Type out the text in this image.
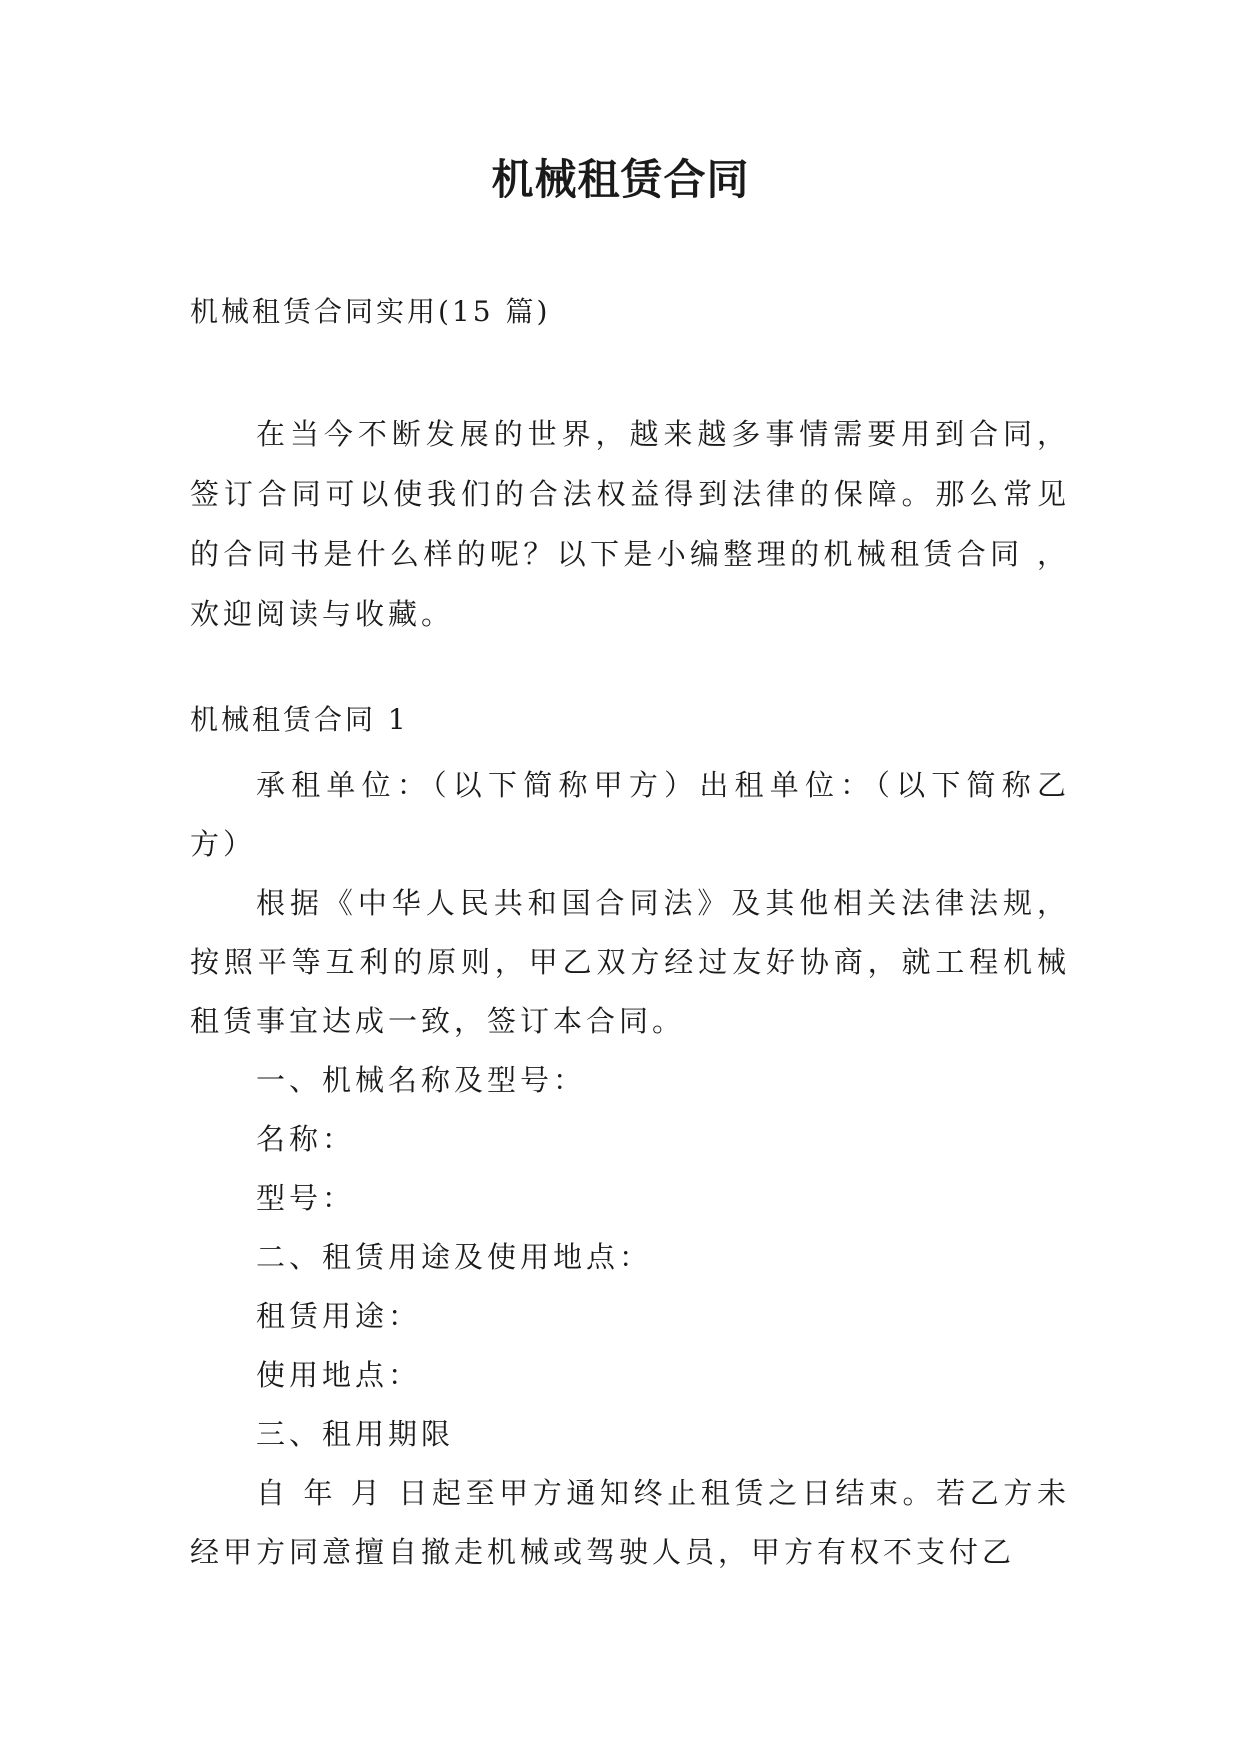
机械租赁合同
机械租赁合同实用(15 篇)
在当今不断发展的世界，越来越多事情需要用到合同，签订合同可以使我们的合法权益得到法律的保障。那么常见的合同书是什么样的呢？以下是小编整理的机械租赁合同 ，欢迎阅读与收藏。
机械租赁合同 1

承租单位：（以下简称甲方）出租单位：（以下简称乙方）

根据《中华人民共和国合同法》及其他相关法律法规，按照平等互利的原则，甲乙双方经过友好协商，就工程机械租赁事宜达成一致，签订本合同。

一、机械名称及型号：

名称：

型号：

二、租赁用途及使用地点：

租赁用途：

使用地点：

三、租用期限

自 年 月 日起至甲方通知终止租赁之日结束。若乙方未经甲方同意擅自撤走机械或驾驶人员，甲方有权不支付乙
